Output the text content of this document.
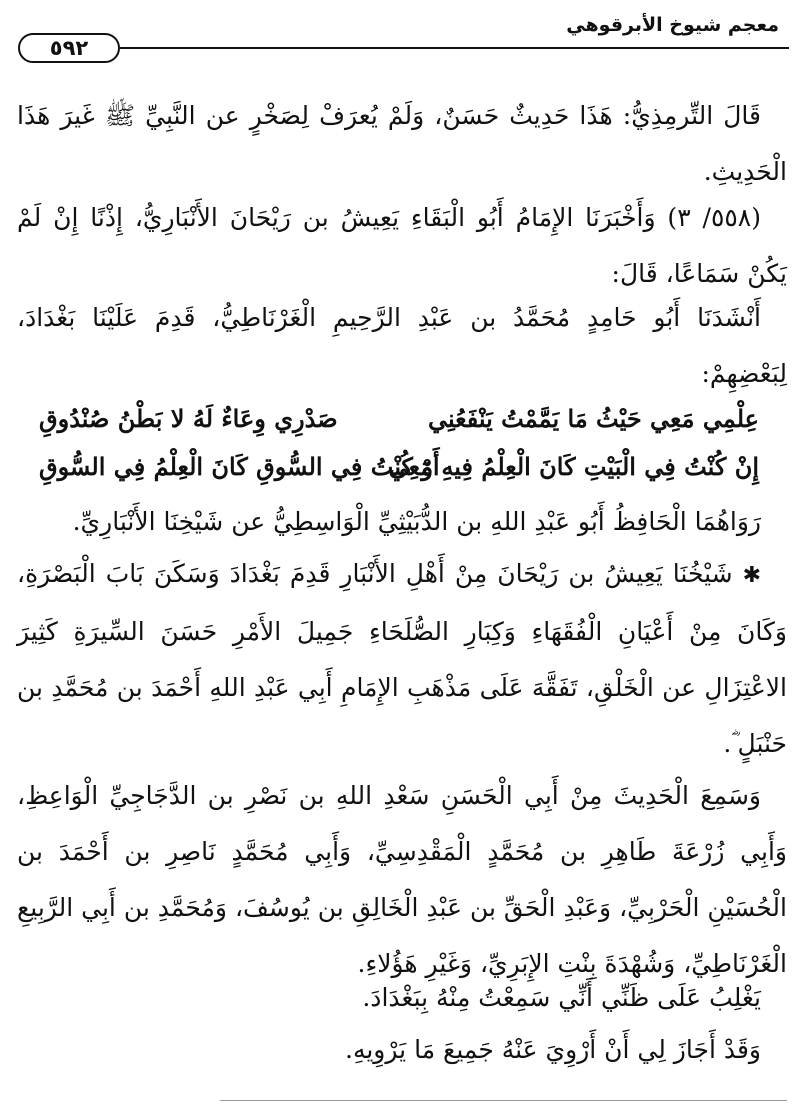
معجم شيوخ الأبرقوهي
٥٩٢

قَالَ التِّرمِذِيُّ: هَذَا حَدِيثٌ حَسَنٌ، وَلَمْ يُعرَفْ لِصَخْرٍ عن النَّبِيِّ ﷺ غَيرَ هَذَا الْحَدِيثِ.

(٥٥٨/ ٣) وَأَخْبَرَنَا الإِمَامُ أَبُو الْبَقَاءِ يَعِيشُ بن رَيْحَانَ الأَنْبَارِيُّ، إِذْنًا إِنْ لَمْ يَكُنْ سَمَاعًا، قَالَ:

أَنْشَدَنَا أَبُو حَامِدٍ مُحَمَّدُ بن عَبْدِ الرَّحِيمِ الْغَرْنَاطِيُّ، قَدِمَ عَلَيْنَا بَغْدَادَ، لِبَعْضِهِمْ:

عِلْمِي مَعِي حَيْثُ مَا يَمَّمْتُ يَنْفَعُنِي
صَدْرِي وِعَاءٌ لَهُ لا بَطْنُ صُنْدُوقِ
إِنْ كُنْتُ فِي الْبَيْتِ كَانَ الْعِلْمُ فِيهِ مَعِي
أَوْ كُنْتُ فِي السُّوقِ كَانَ الْعِلْمُ فِي السُّوقِ

رَوَاهُمَا الْحَافِظُ أَبُو عَبْدِ اللهِ بن الدُّبَيْثِيِّ الْوَاسِطِيُّ عن شَيْخِنَا الأَنْبَارِيِّ.

✱ شَيْخُنَا يَعِيشُ بن رَيْحَانَ مِنْ أَهْلِ الأَنْبَارِ قَدِمَ بَغْدَادَ وَسَكَنَ بَابَ الْبَصْرَةِ، وَكَانَ مِنْ أَعْيَانِ الْفُقَهَاءِ وَكِبَارِ الصُّلَحَاءِ جَمِيلَ الأَمْرِ حَسَنَ السِّيرَةِ كَثِيرَ الاعْتِزَالِ عن الْخَلْقِ، تَفَقَّهَ عَلَى مَذْهَبِ الإِمَامِ أَبِي عَبْدِ اللهِ أَحْمَدَ بن مُحَمَّدِ بن حَنْبَلٍ ؓ.

وَسَمِعَ الْحَدِيثَ مِنْ أَبِي الْحَسَنِ سَعْدِ اللهِ بن نَصْرِ بن الدَّجَاجِيِّ الْوَاعِظِ، وَأَبِي زُرْعَةَ طَاهِرِ بن مُحَمَّدٍ الْمَقْدِسِيِّ، وَأَبِي مُحَمَّدٍ نَاصِرِ بن أَحْمَدَ بن الْحُسَيْنِ الْحَرْبِيِّ، وَعَبْدِ الْحَقِّ بن عَبْدِ الْخَالِقِ بن يُوسُفَ، وَمُحَمَّدِ بن أَبِي الرَّبِيعِ الْغَرْنَاطِيِّ، وَشُهْدَةَ بِنْتِ الإِبَرِيِّ، وَغَيْرِ هَؤُلاءِ.

يَغْلِبُ عَلَى ظَنِّي أَنِّي سَمِعْتُ مِنْهُ بِبَغْدَادَ.

وَقَدْ أَجَازَ لِي أَنْ أَرْوِيَ عَنْهُ جَمِيعَ مَا يَرْوِيهِ.
